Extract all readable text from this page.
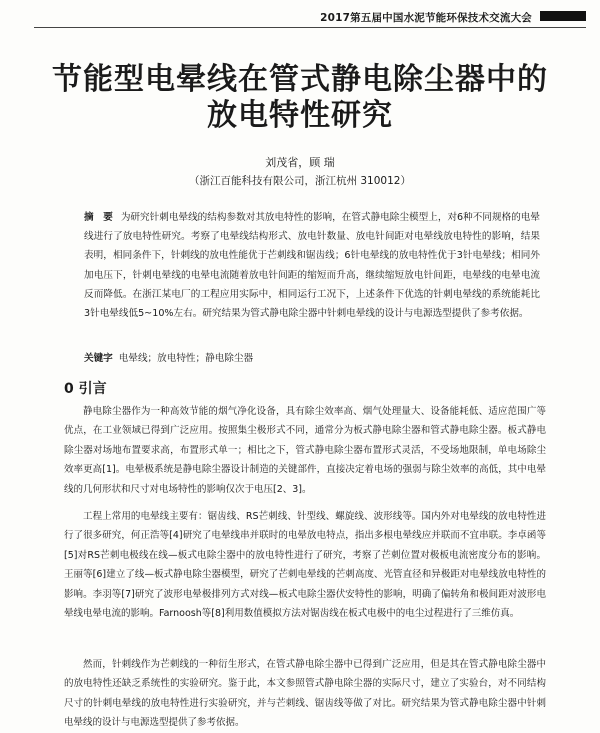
2017第五届中国水泥节能环保技术交流大会
节能型电晕线在管式静电除尘器中的
放电特性研究
刘茂省，顾 瑞
（浙江百能科技有限公司，浙江杭州 310012）
摘　要 为研究针刺电晕线的结构参数对其放电特性的影响，在管式静电除尘模型上，对6种不同规格的电晕线进行了放电特性研究。考察了电晕线结构形式、放电针数量、放电针间距对电晕线放电特性的影响，结果表明，相同条件下，针刺线的放电性能优于芒刺线和锯齿线；6针电晕线的放电特性优于3针电晕线；相同外加电压下，针刺电晕线的电晕电流随着放电针间距的缩短而升高，继续缩短放电针间距，电晕线的电晕电流反而降低。在浙江某电厂的工程应用实际中，相同运行工况下，上述条件下优选的针刺电晕线的系统能耗比3针电晕线低5~10%左右。研究结果为管式静电除尘器中针刺电晕线的设计与电源选型提供了参考依据。
关键字 电晕线；放电特性；静电除尘器
0 引言
静电除尘器作为一种高效节能的烟气净化设备，具有除尘效率高、烟气处理量大、设备能耗低、适应范围广等优点，在工业领域已得到广泛应用。按照集尘极形式不同，通常分为板式静电除尘器和管式静电除尘器。板式静电除尘器对场地布置要求高，布置形式单一；相比之下，管式静电除尘器布置形式灵活，不受场地限制，单电场除尘效率更高[1]。电晕极系统是静电除尘器设计制造的关键部件，直接决定着电场的强弱与除尘效率的高低，其中电晕线的几何形状和尺寸对电场特性的影响仅次于电压[2、3]。
工程上常用的电晕线主要有：锯齿线、RS芒刺线、针型线、螺旋线、波形线等。国内外对电晕线的放电特性进行了很多研究，何正浩等[4]研究了电晕线串并联时的电晕放电特点，指出多根电晕线应并联而不宜串联。李卓函等[5]对RS芒刺电极线在线—板式电除尘器中的放电特性进行了研究，考察了芒刺位置对极板电流密度分布的影响。王丽等[6]建立了线—板式静电除尘器模型，研究了芒刺电晕线的芒刺高度、光管直径和异极距对电晕线放电特性的影响。李羽等[7]研究了波形电晕极排列方式对线—板式电除尘器伏安特性的影响，明确了偏转角和极间距对波形电晕线电晕电流的影响。Farnoosh等[8]利用数值模拟方法对锯齿线在板式电极中的电尘过程进行了三维仿真。
然而，针刺线作为芒刺线的一种衍生形式，在管式静电除尘器中已得到广泛应用，但是其在管式静电除尘器中的放电特性还缺乏系统性的实验研究。鉴于此，本文参照管式静电除尘器的实际尺寸，建立了实验台，对不同结构尺寸的针刺电晕线的放电特性进行实验研究，并与芒刺线、锯齿线等做了对比。研究结果为管式静电除尘器中针刺电晕线的设计与电源选型提供了参考依据。
